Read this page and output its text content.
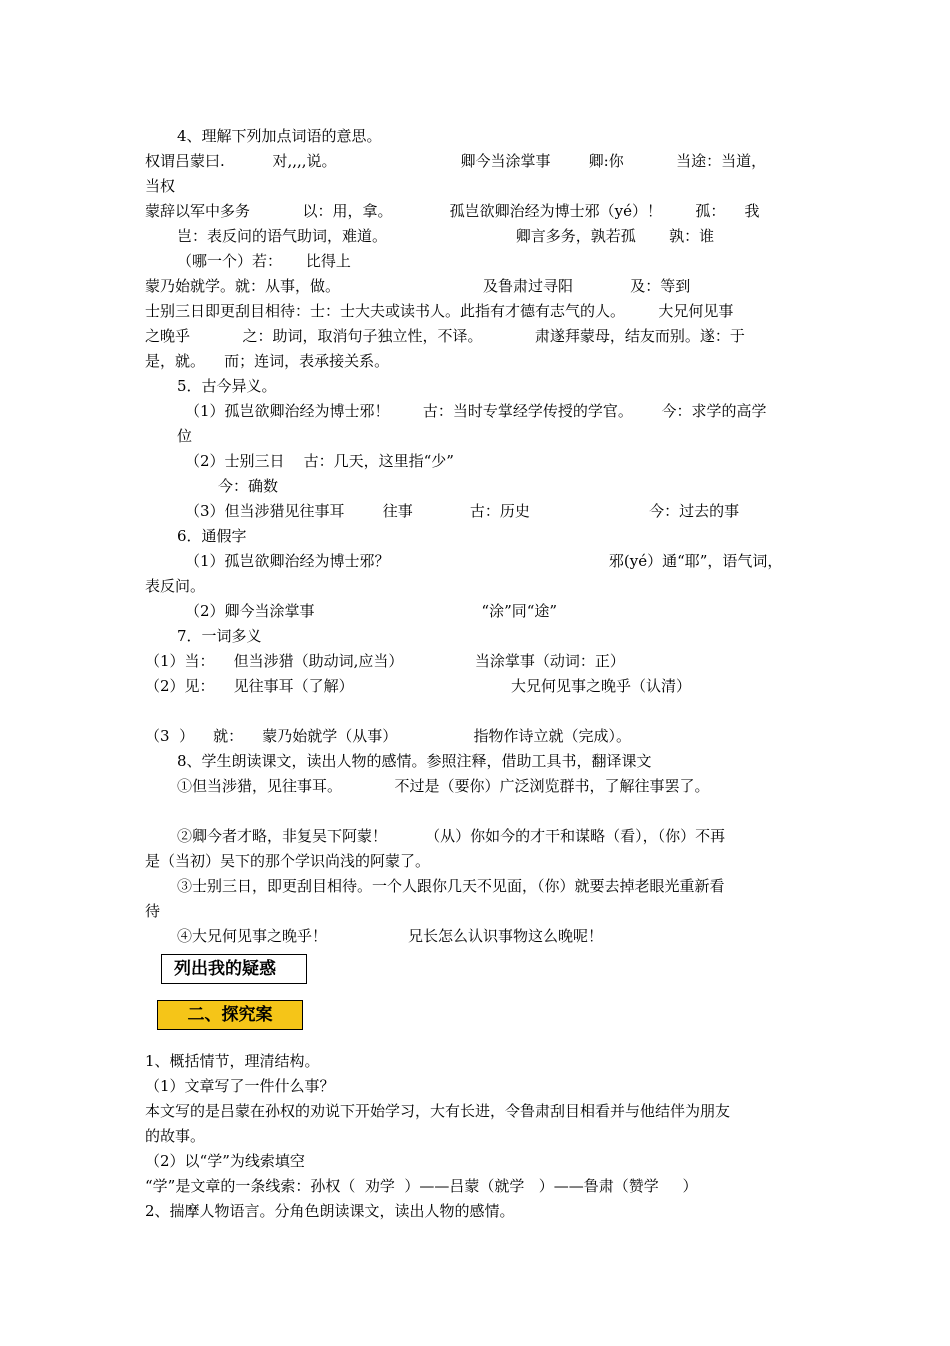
4、理解下列加点词语的意思。
权谓吕蒙曰.          对,,,,说。                          卿今当涂掌事        卿:你           当途：当道，
当权
蒙辞以军中多务           以：用，拿。            孤岂欲卿治经为博士邪（yé）！       孤：    我
岂：表反问的语气助词，难道。                           卿言多务，孰若孤       孰：谁
（哪一个）若：     比得上
蒙乃始就学。就：从事，做。                              及鲁肃过寻阳            及：等到
士别三日即更刮目相待：士：士大夫或读书人。此指有才德有志气的人。       大兄何见事
之晚乎           之：助词，取消句子独立性，不译。           肃遂拜蒙母，结友而别。遂：于
是，就。    而；连词，表承接关系。
5．古今异义。
（1）孤岂欲卿治经为博士邪！       古：当时专掌经学传授的学官。      今：求学的高学
位
（2）士别三日    古：几天，这里指“少”
今：确数
（3）但当涉猎见往事耳        往事            古：历史                         今：过去的事
6．通假字
（1）孤岂欲卿治经为博士邪？                                              邪(yé）通“耶”，语气词，
表反问。
（2）卿今当涂掌事                                   “涂”同“途”
7．一词多义
（1）当：    但当涉猎（助动词,应当）               当涂掌事（动词：正）
（2）见：    见往事耳（了解）                                 大兄何见事之晚乎（认清）
（3  ）    就：    蒙乃始就学（从事）                指物作诗立就（完成）。
8、学生朗读课文，读出人物的感情。参照注释，借助工具书，翻译课文
①但当涉猎，见往事耳。           不过是（要你）广泛浏览群书，了解往事罢了。
②卿今者才略，非复吴下阿蒙！        （从）你如今的才干和谋略（看），（你）不再
是（当初）吴下的那个学识尚浅的阿蒙了。
③士别三日，即更刮目相待。一个人跟你几天不见面，（你）就要去掉老眼光重新看
待
④大兄何见事之晚乎！                 兄长怎么认识事物这么晚呢！
列出我的疑惑
二、探究案
1、概括情节，理清结构。
（1）文章写了一件什么事？
本文写的是吕蒙在孙权的劝说下开始学习，大有长进，令鲁肃刮目相看并与他结伴为朋友
的故事。
（2）以“学”为线索填空
“学”是文章的一条线索：孙权（  劝学  ）——吕蒙（就学   ）——鲁肃（赞学     ）
2、揣摩人物语言。分角色朗读课文，读出人物的感情。
